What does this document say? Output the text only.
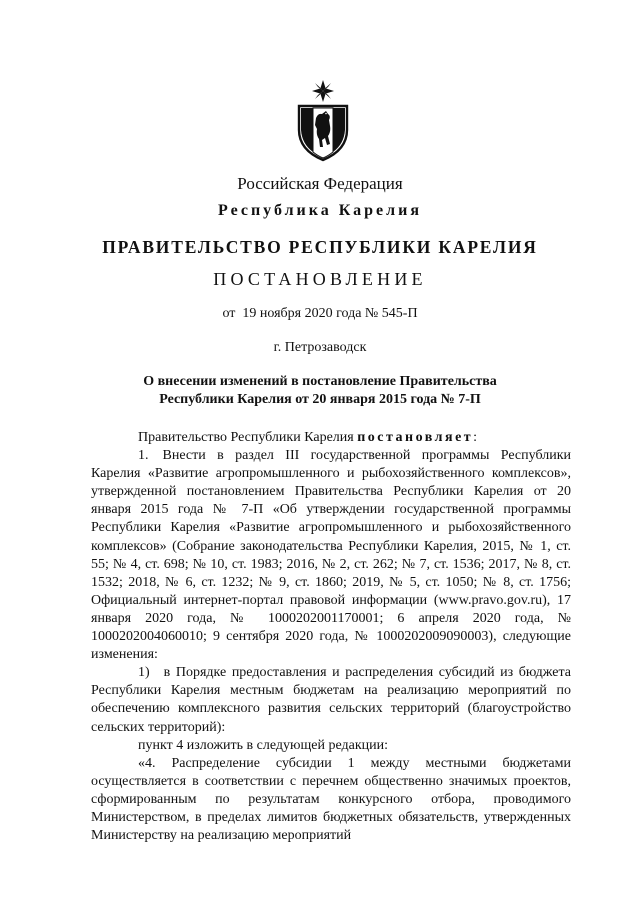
Российская Федерация
Республика Карелия
ПРАВИТЕЛЬСТВО РЕСПУБЛИКИ КАРЕЛИЯ
ПОСТАНОВЛЕНИЕ
от  19 ноября 2020 года № 545-П
г. Петрозаводск
О внесении изменений в постановление Правительства
Республики Карелия от 20 января 2015 года № 7-П

Правительство Республики Карелия постановляет:

1. Внести в раздел III государственной программы Республики Карелия «Развитие агропромышленного и рыбохозяйственного комплексов», утвержденной постановлением Правительства Республики Карелия от 20 января 2015 года № 7-П «Об утверждении государственной программы Республики Карелия «Развитие агропромышленного и рыбохозяйственного комплексов» (Собрание законодательства Республики Карелия, 2015, № 1, ст. 55; № 4, ст. 698; № 10, ст. 1983; 2016, № 2, ст. 262; № 7, ст. 1536; 2017, № 8, ст. 1532; 2018, № 6, ст. 1232; № 9, ст. 1860; 2019, № 5, ст. 1050; № 8, ст. 1756; Официальный интернет-портал правовой информации (www.pravo.gov.ru), 17 января 2020 года, № 1000202001170001; 6 апреля 2020 года, № 1000202004060010; 9 сентября 2020 года, № 1000202009090003), следующие изменения:

1) в Порядке предоставления и распределения субсидий из бюджета Республики Карелия местным бюджетам на реализацию мероприятий по обеспечению комплексного развития сельских территорий (благоустройство сельских территорий):

пункт 4 изложить в следующей редакции:

«4. Распределение субсидии 1 между местными бюджетами осуществляется в соответствии с перечнем общественно значимых проектов, сформированным по результатам конкурсного отбора, проводимого Министерством, в пределах лимитов бюджетных обязательств, утвержденных Министерству на реализацию мероприятий
